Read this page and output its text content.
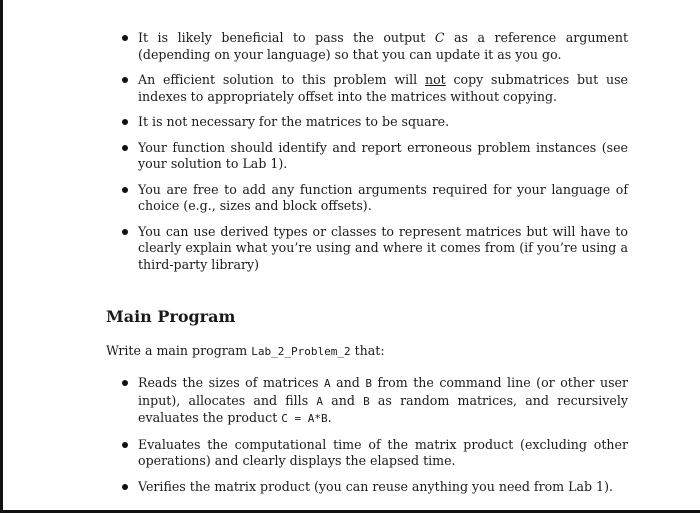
It is likely beneficial to pass the output C as a reference argument (depending on your language) so that you can update it as you go.
An efficient solution to this problem will not copy submatrices but use indexes to appropriately offset into the matrices without copying.
It is not necessary for the matrices to be square.
Your function should identify and report erroneous problem instances (see your solution to Lab 1).
You are free to add any function arguments required for your language of choice (e.g., sizes and block offsets).
You can use derived types or classes to represent matrices but will have to clearly explain what you’re using and where it comes from (if you’re using a third-party library)
Main Program
Write a main program Lab_2_Problem_2 that:
Reads the sizes of matrices A and B from the command line (or other user input), allocates and fills A and B as random matrices, and recursively evaluates the product C = A*B.
Evaluates the computational time of the matrix product (excluding other operations) and clearly displays the elapsed time.
Verifies the matrix product (you can reuse anything you need from Lab 1).
